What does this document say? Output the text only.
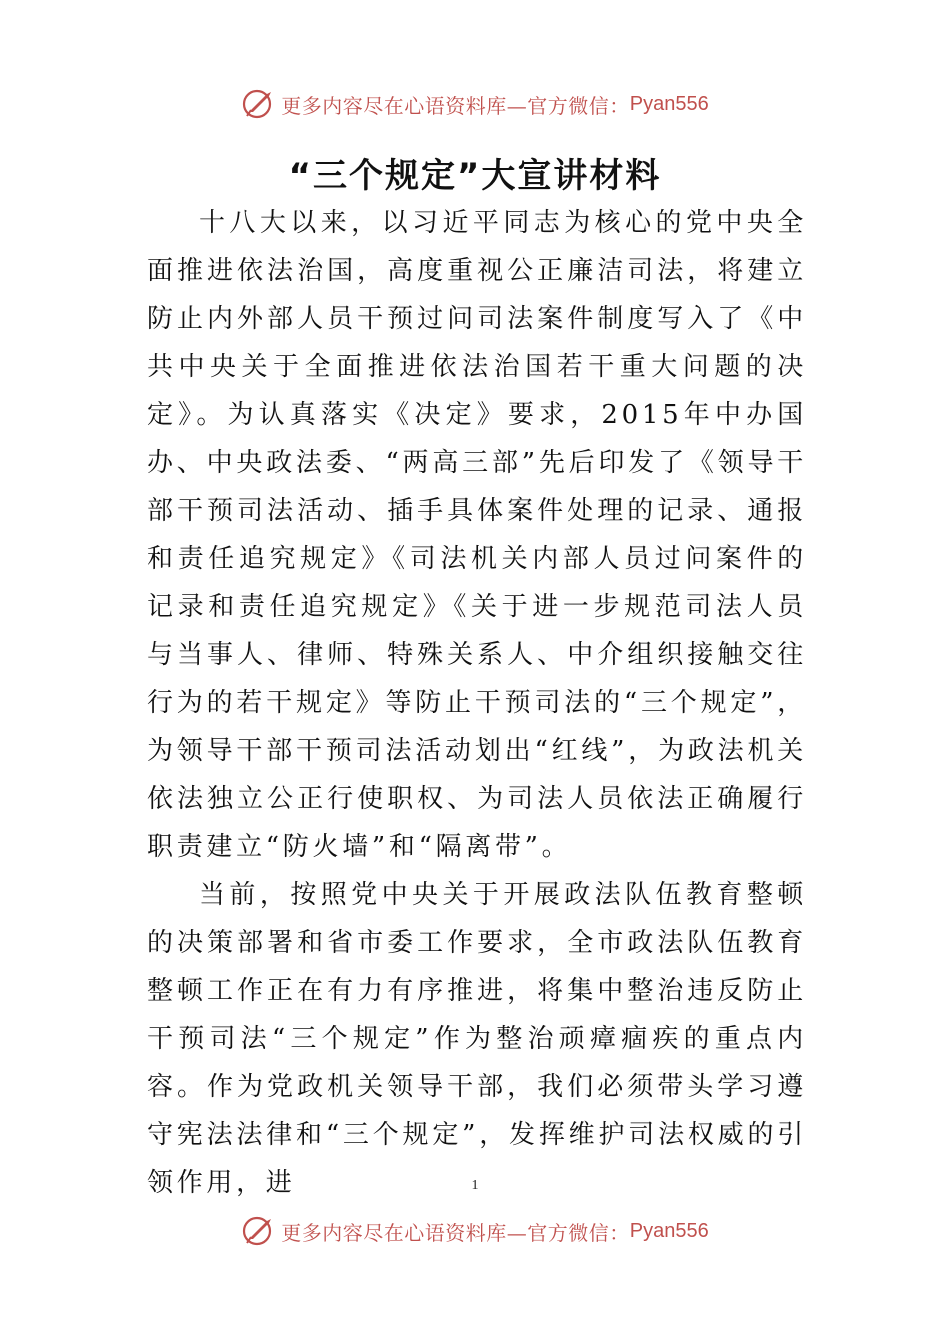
更多内容尽在心语资料库—官方微信： Pyan556
“三个规定”大宣讲材料

十八大以来，以习近平同志为核心的党中央全面推进依法治国，高度重视公正廉洁司法，将建立防止内外部人员干预过问司法案件制度写入了《中共中央关于全面推进依法治国若干重大问题的决定》。为认真落实《决定》要求，2015年中办国办、中央政法委、“两高三部”先后印发了《领导干部干预司法活动、插手具体案件处理的记录、通报和责任追究规定》《司法机关内部人员过问案件的记录和责任追究规定》《关于进一步规范司法人员与当事人、律师、特殊关系人、中介组织接触交往行为的若干规定》等防止干预司法的“三个规定”，为领导干部干预司法活动划出“红线”，为政法机关依法独立公正行使职权、为司法人员依法正确履行职责建立“防火墙”和“隔离带”。

当前，按照党中央关于开展政法队伍教育整顿的决策部署和省市委工作要求，全市政法队伍教育整顿工作正在有力有序推进，将集中整治违反防止干预司法“三个规定”作为整治顽瘴痼疾的重点内容。作为党政机关领导干部，我们必须带头学习遵守宪法法律和“三个规定”，发挥维护司法权威的引领作用，进	1
更多内容尽在心语资料库—官方微信： Pyan556
